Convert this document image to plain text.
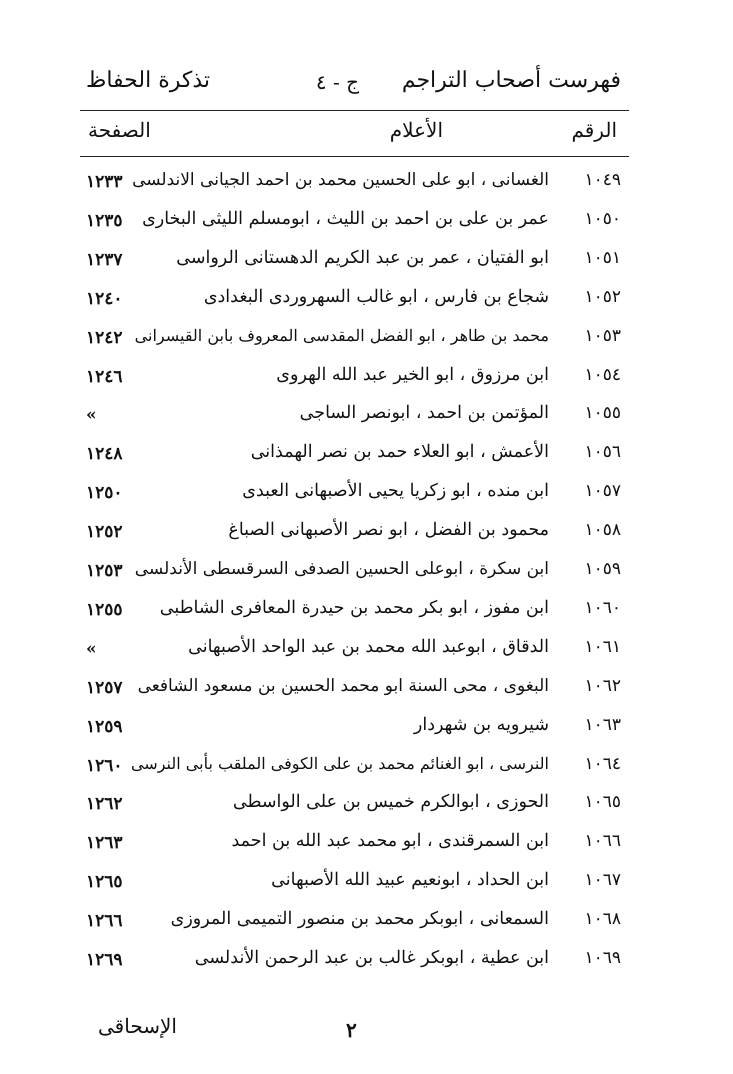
فهرست أصحاب التراجم
ج - ٤
تذكرة الحفاظ
الرقم
الأعلام
الصفحة
١٠٤٩
الغسانى ، ابو على الحسين محمد بن احمد الجيانى الاندلسى
١٢٣٣
١٠٥٠
عمر بن على بن احمد بن الليث ، ابومسلم الليثى البخارى
١٢٣٥
١٠٥١
ابو الفتيان ، عمر بن عبد الكريم الدهستانى الرواسى
١٢٣٧
١٠٥٢
شجاع بن فارس ، ابو غالب السهروردى البغدادى
١٢٤٠
١٠٥٣
محمد بن طاهر ، ابو الفضل المقدسى المعروف بابن القيسرانى
١٢٤٢
١٠٥٤
ابن مرزوق ، ابو الخير عبد الله الهروى
١٢٤٦
١٠٥٥
المؤتمن بن احمد ، ابونصر الساجى
»
١٠٥٦
الأعمش ، ابو العلاء حمد بن نصر الهمذانى
١٢٤٨
١٠٥٧
ابن منده ، ابو زكريا يحيى الأصبهانى العبدى
١٢٥٠
١٠٥٨
محمود بن الفضل ، ابو نصر الأصبهانى الصباغ
١٢٥٢
١٠٥٩
ابن سكرة ، ابوعلى الحسين الصدفى السرقسطى الأندلسى
١٢٥٣
١٠٦٠
ابن مفوز ، ابو بكر محمد بن حيدرة المعافرى الشاطبى
١٢٥٥
١٠٦١
الدقاق ، ابوعبد الله محمد بن عبد الواحد الأصبهانى
»
١٠٦٢
البغوى ، محى السنة ابو محمد الحسين بن مسعود الشافعى
١٢٥٧
١٠٦٣
شيرويه بن شهردار
١٢٥٩
١٠٦٤
النرسى ، ابو الغنائم محمد بن على الكوفى الملقب بأبى النرسى
١٢٦٠
١٠٦٥
الحوزى ، ابوالكرم خميس بن على الواسطى
١٢٦٢
١٠٦٦
ابن السمرقندى ، ابو محمد عبد الله بن احمد
١٢٦٣
١٠٦٧
ابن الحداد ، ابونعيم عبيد الله الأصبهانى
١٢٦٥
١٠٦٨
السمعانى ، ابوبكر محمد بن منصور التميمى المروزى
١٢٦٦
١٠٦٩
ابن عطية ، ابوبكر غالب بن عبد الرحمن الأندلسى
١٢٦٩
٢
الإسحاقى
